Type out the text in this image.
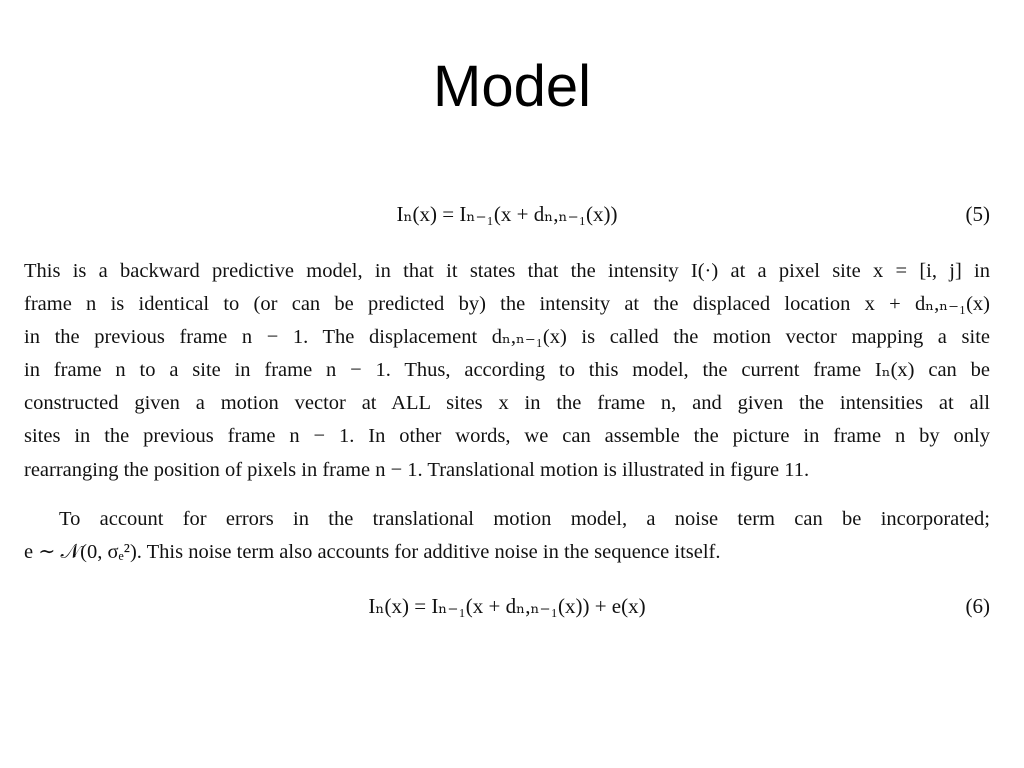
Model
Iₙ(x) = Iₙ₋₁(x + dₙ,ₙ₋₁(x))	(5)
This is a backward predictive model, in that it states that the intensity I(·) at a pixel site x = [i, j] in
frame n is identical to (or can be predicted by) the intensity at the displaced location x + dₙ,ₙ₋₁(x)
in the previous frame n − 1. The displacement dₙ,ₙ₋₁(x) is called the motion vector mapping a site
in frame n to a site in frame n − 1. Thus, according to this model, the current frame Iₙ(x) can be
constructed given a motion vector at ALL sites x in the frame n, and given the intensities at all
sites in the previous frame n − 1. In other words, we can assemble the picture in frame n by only
rearranging the position of pixels in frame n − 1. Translational motion is illustrated in figure 11.
To account for errors in the translational motion model, a noise term can be incorporated;
e ∼ 𝒩(0, σₑ²). This noise term also accounts for additive noise in the sequence itself.
Iₙ(x) = Iₙ₋₁(x + dₙ,ₙ₋₁(x)) + e(x)	(6)
